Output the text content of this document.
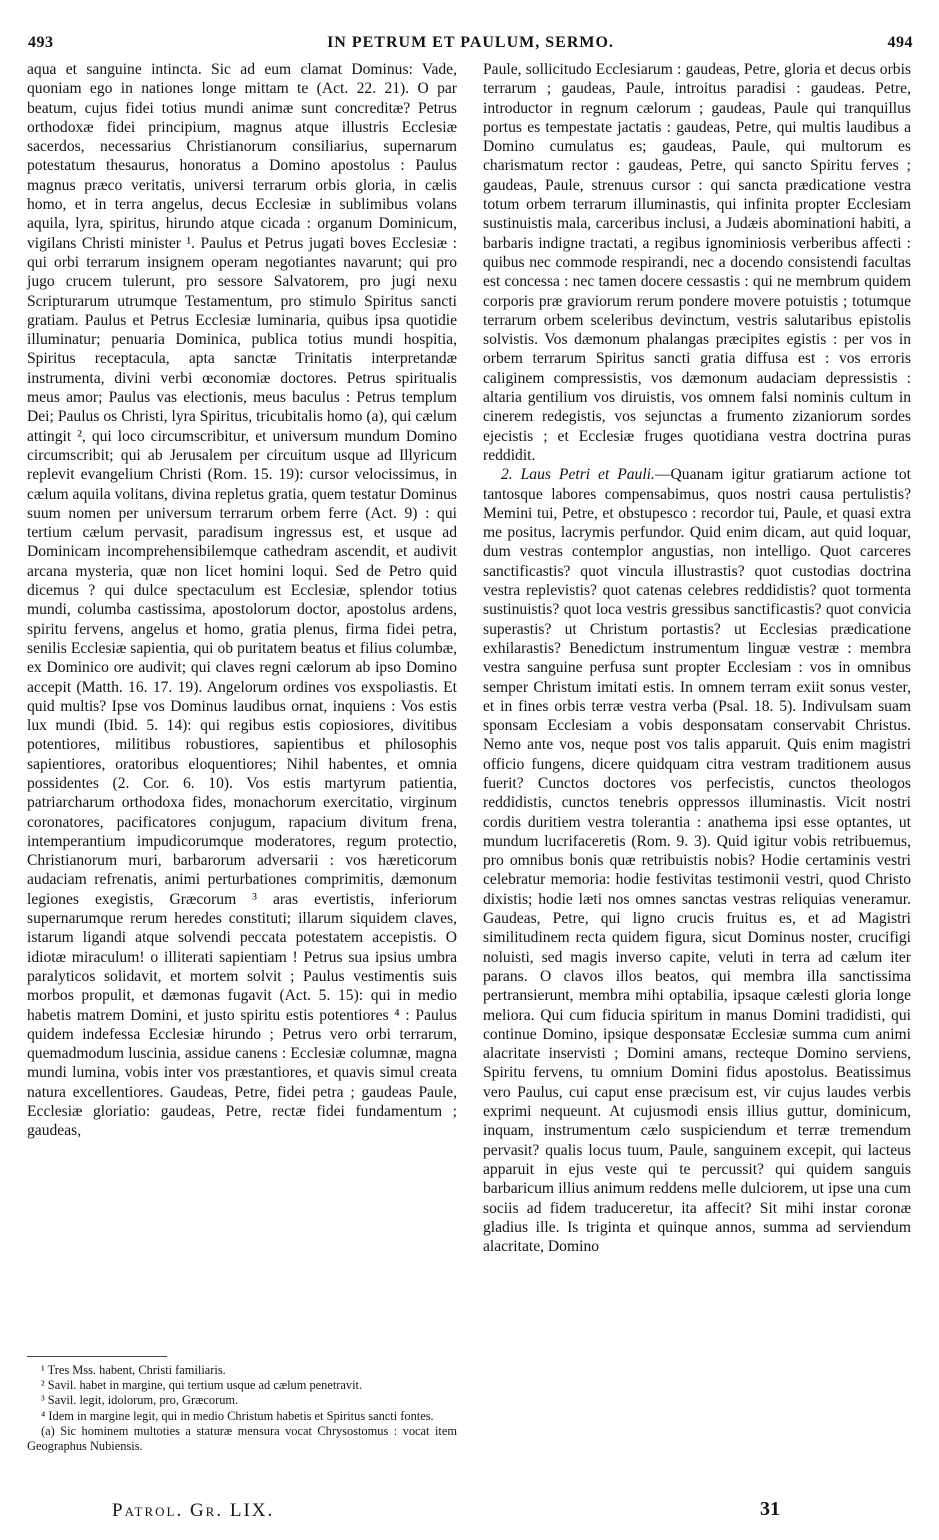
493	IN PETRUM ET PAULUM, SERMO.	494

aqua et sanguine intincta. Sic ad eum clamat Dominus: Vade, quoniam ego in nationes longe mittam te (Act. 22. 21). O par beatum, cujus fidei totius mundi animæ sunt concreditæ? Petrus orthodoxæ fidei principium, magnus atque illustris Ecclesiæ sacerdos, necessarius Christianorum consiliarius, supernarum potestatum thesaurus, honoratus a Domino apostolus : Paulus magnus præco veritatis, universi terrarum orbis gloria, in cælis homo, et in terra angelus, decus Ecclesiæ in sublimibus volans aquila, lyra, spiritus, hirundo atque cicada : organum Dominicum, vigilans Christi minister ¹. Paulus et Petrus jugati boves Ecclesiæ : qui orbi terrarum insignem operam negotiantes navarunt; qui pro jugo crucem tulerunt, pro sessore Salvatorem, pro jugi nexu Scripturarum utrumque Testamentum, pro stimulo Spiritus sancti gratiam. Paulus et Petrus Ecclesiæ luminaria, quibus ipsa quotidie illuminatur; penuaria Dominica, publica totius mundi hospitia, Spiritus receptacula, apta sanctæ Trinitatis interpretandæ instrumenta, divini verbi œconomiæ doctores. Petrus spiritualis meus amor; Paulus vas electionis, meus baculus : Petrus templum Dei; Paulus os Christi, lyra Spiritus, tricubitalis homo (a), qui cælum attingit ², qui loco circumscribitur, et universum mundum Domino circumscribit; qui ab Jerusalem per circuitum usque ad Illyricum replevit evangelium Christi (Rom. 15. 19): cursor velocissimus, in cælum aquila volitans, divina repletus gratia, quem testatur Dominus suum nomen per universum terrarum orbem ferre (Act. 9) : qui tertium cælum pervasit, paradisum ingressus est, et usque ad Dominicam incomprehensibilemque cathedram ascendit, et audivit arcana mysteria, quæ non licet homini loqui. Sed de Petro quid dicemus ? qui dulce spectaculum est Ecclesiæ, splendor totius mundi, columba castissima, apostolorum doctor, apostolus ardens, spiritu fervens, angelus et homo, gratia plenus, firma fidei petra, senilis Ecclesiæ sapientia, qui ob puritatem beatus et filius columbæ, ex Dominico ore audivit; qui claves regni cælorum ab ipso Domino accepit (Matth. 16. 17. 19). Angelorum ordines vos exspoliastis. Et quid multis? Ipse vos Dominus laudibus ornat, inquiens : Vos estis lux mundi (Ibid. 5. 14): qui regibus estis copiosiores, divitibus potentiores, militibus robustiores, sapientibus et philosophis sapientiores, oratoribus eloquentiores; Nihil habentes, et omnia possidentes (2. Cor. 6. 10). Vos estis martyrum patientia, patriarcharum orthodoxa fides, monachorum exercitatio, virginum coronatores, pacificatores conjugum, rapacium divitum frena, intemperantium impudicorumque moderatores, regum protectio, Christianorum muri, barbarorum adversarii : vos hæreticorum audaciam refrenatis, animi perturbationes comprimitis, dæmonum legiones exegistis, Græcorum ³ aras evertistis, inferiorum supernarumque rerum heredes constituti; illarum siquidem claves, istarum ligandi atque solvendi peccata potestatem accepistis. O idiotæ miraculum! o illiterati sapientiam ! Petrus sua ipsius umbra paralyticos solidavit, et mortem solvit ; Paulus vestimentis suis morbos propulit, et dæmonas fugavit (Act. 5. 15): qui in medio habetis matrem Domini, et justo spiritu estis potentiores ⁴ : Paulus quidem indefessa Ecclesiæ hirundo ; Petrus vero orbi terrarum, quemadmodum luscinia, assidue canens : Ecclesiæ columnæ, magna mundi lumina, vobis inter vos præstantiores, et quavis simul creata natura excellentiores. Gaudeas, Petre, fidei petra ; gaudeas Paule, Ecclesiæ gloriatio: gaudeas, Petre, rectæ fidei fundamentum ; gaudeas,

Paule, sollicitudo Ecclesiarum : gaudeas, Petre, gloria et decus orbis terrarum ; gaudeas, Paule, introitus paradisi : gaudeas. Petre, introductor in regnum cælorum ; gaudeas, Paule qui tranquillus portus es tempestate jactatis : gaudeas, Petre, qui multis laudibus a Domino cumulatus es; gaudeas, Paule, qui multorum es charismatum rector : gaudeas, Petre, qui sancto Spiritu ferves ; gaudeas, Paule, strenuus cursor : qui sancta prædicatione vestra totum orbem terrarum illuminastis, qui infinita propter Ecclesiam sustinuistis mala, carceribus inclusi, a Judæis abominationi habiti, a barbaris indigne tractati, a regibus ignominiosis verberibus affecti : quibus nec commode respirandi, nec a docendo consistendi facultas est concessa : nec tamen docere cessastis : qui ne membrum quidem corporis præ graviorum rerum pondere movere potuistis ; totumque terrarum orbem sceleribus devinctum, vestris salutaribus epistolis solvistis. Vos dæmonum phalangas præcipites egistis : per vos in orbem terrarum Spiritus sancti gratia diffusa est : vos erroris caliginem compressistis, vos dæmonum audaciam depressistis : altaria gentilium vos diruistis, vos omnem falsi nominis cultum in cinerem redegistis, vos sejunctas a frumento zizaniorum sordes ejecistis ; et Ecclesiæ fruges quotidiana vestra doctrina puras reddidit.

2. Laus Petri et Pauli.—Quanam igitur gratiarum actione tot tantosque labores compensabimus, quos nostri causa pertulistis? Memini tui, Petre, et obstupesco : recordor tui, Paule, et quasi extra me positus, lacrymis perfundor. Quid enim dicam, aut quid loquar, dum vestras contemplor angustias, non intelligo. Quot carceres sanctificastis? quot vincula illustrastis? quot custodias doctrina vestra replevistis? quot catenas celebres reddidistis? quot tormenta sustinuistis? quot loca vestris gressibus sanctificastis? quot convicia superastis? ut Christum portastis? ut Ecclesias prædicatione exhilarastis? Benedictum instrumentum linguæ vestræ : membra vestra sanguine perfusa sunt propter Ecclesiam : vos in omnibus semper Christum imitati estis. In omnem terram exiit sonus vester, et in fines orbis terræ vestra verba (Psal. 18. 5). Indivulsam suam sponsam Ecclesiam a vobis desponsatam conservabit Christus. Nemo ante vos, neque post vos talis apparuit. Quis enim magistri officio fungens, dicere quidquam citra vestram traditionem ausus fuerit? Cunctos doctores vos perfecistis, cunctos theologos reddidistis, cunctos tenebris oppressos illuminastis. Vicit nostri cordis duritiem vestra tolerantia : anathema ipsi esse optantes, ut mundum lucrifaceretis (Rom. 9. 3). Quid igitur vobis retribuemus, pro omnibus bonis quæ retribuistis nobis? Hodie certaminis vestri celebratur memoria: hodie festivitas testimonii vestri, quod Christo dixistis; hodie læti nos omnes sanctas vestras reliquias veneramur. Gaudeas, Petre, qui ligno crucis fruitus es, et ad Magistri similitudinem recta quidem figura, sicut Dominus noster, crucifigi noluisti, sed magis inverso capite, veluti in terra ad cælum iter parans. O clavos illos beatos, qui membra illa sanctissima pertransierunt, membra mihi optabilia, ipsaque cælesti gloria longe meliora. Qui cum fiducia spiritum in manus Domini tradidisti, qui continue Domino, ipsique desponsatæ Ecclesiæ summa cum animi alacritate inservisti ; Domini amans, recteque Domino serviens, Spiritu fervens, tu omnium Domini fidus apostolus. Beatissimus vero Paulus, cui caput ense præcisum est, vir cujus laudes verbis exprimi nequeunt. At cujusmodi ensis illius guttur, dominicum, inquam, instrumentum cælo suspiciendum et terræ tremendum pervasit? qualis locus tuum, Paule, sanguinem excepit, qui lacteus apparuit in ejus veste qui te percussit? qui quidem sanguis barbaricum illius animum reddens melle dulciorem, ut ipse una cum sociis ad fidem traduceretur, ita affecit? Sit mihi instar coronæ gladius ille. Is triginta et quinque annos, summa ad serviendum alacritate, Domino

¹ Tres Mss. habent, Christi familiaris.

² Savil. habet in margine, qui tertium usque ad cælum penetravit.

³ Savil. legit, idolorum, pro, Græcorum.

⁴ Idem in margine legit, qui in medio Christum habetis et Spiritus sancti fontes.

(a) Sic hominem multoties a staturæ mensura vocat Chrysostomus : vocat item Geographus Nubiensis.

Patrol. Gr. LIX.	31
